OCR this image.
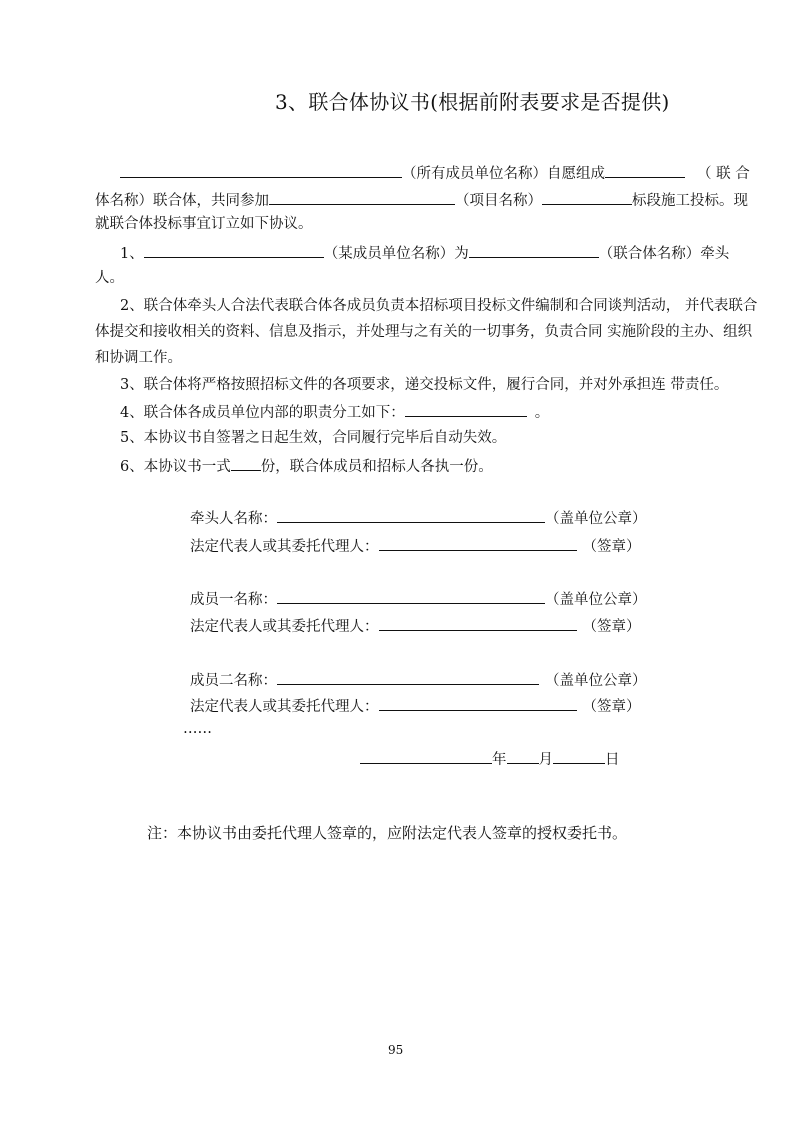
3、联合体协议书(根据前附表要求是否提供)
（所有成员单位名称）自愿组成	（ 联 合
体名称）联合体，共同参加	（项目名称）	标段施工投标。现
就联合体投标事宜订立如下协议。
1、	（某成员单位名称）为	（联合体名称）牵头
人。
2、联合体牵头人合法代表联合体各成员负责本招标项目投标文件编制和合同谈判活动， 并代表联合
体提交和接收相关的资料、信息及指示，并处理与之有关的一切事务，负责合同 实施阶段的主办、组织
和协调工作。
3、联合体将严格按照招标文件的各项要求，递交投标文件，履行合同，并对外承担连 带责任。
4、联合体各成员单位内部的职责分工如下：	。
5、本协议书自签署之日起生效，合同履行完毕后自动失效。
6、本协议书一式 份，联合体成员和招标人各执一份。
牵头人名称：	（盖单位公章）
法定代表人或其委托代理人：	（签章）
成员一名称：	（盖单位公章）
法定代表人或其委托代理人：	（签章）
成员二名称：	（盖单位公章）
法定代表人或其委托代理人：	（签章）
……
年 月	日
注：本协议书由委托代理人签章的，应附法定代表人签章的授权委托书。
95
